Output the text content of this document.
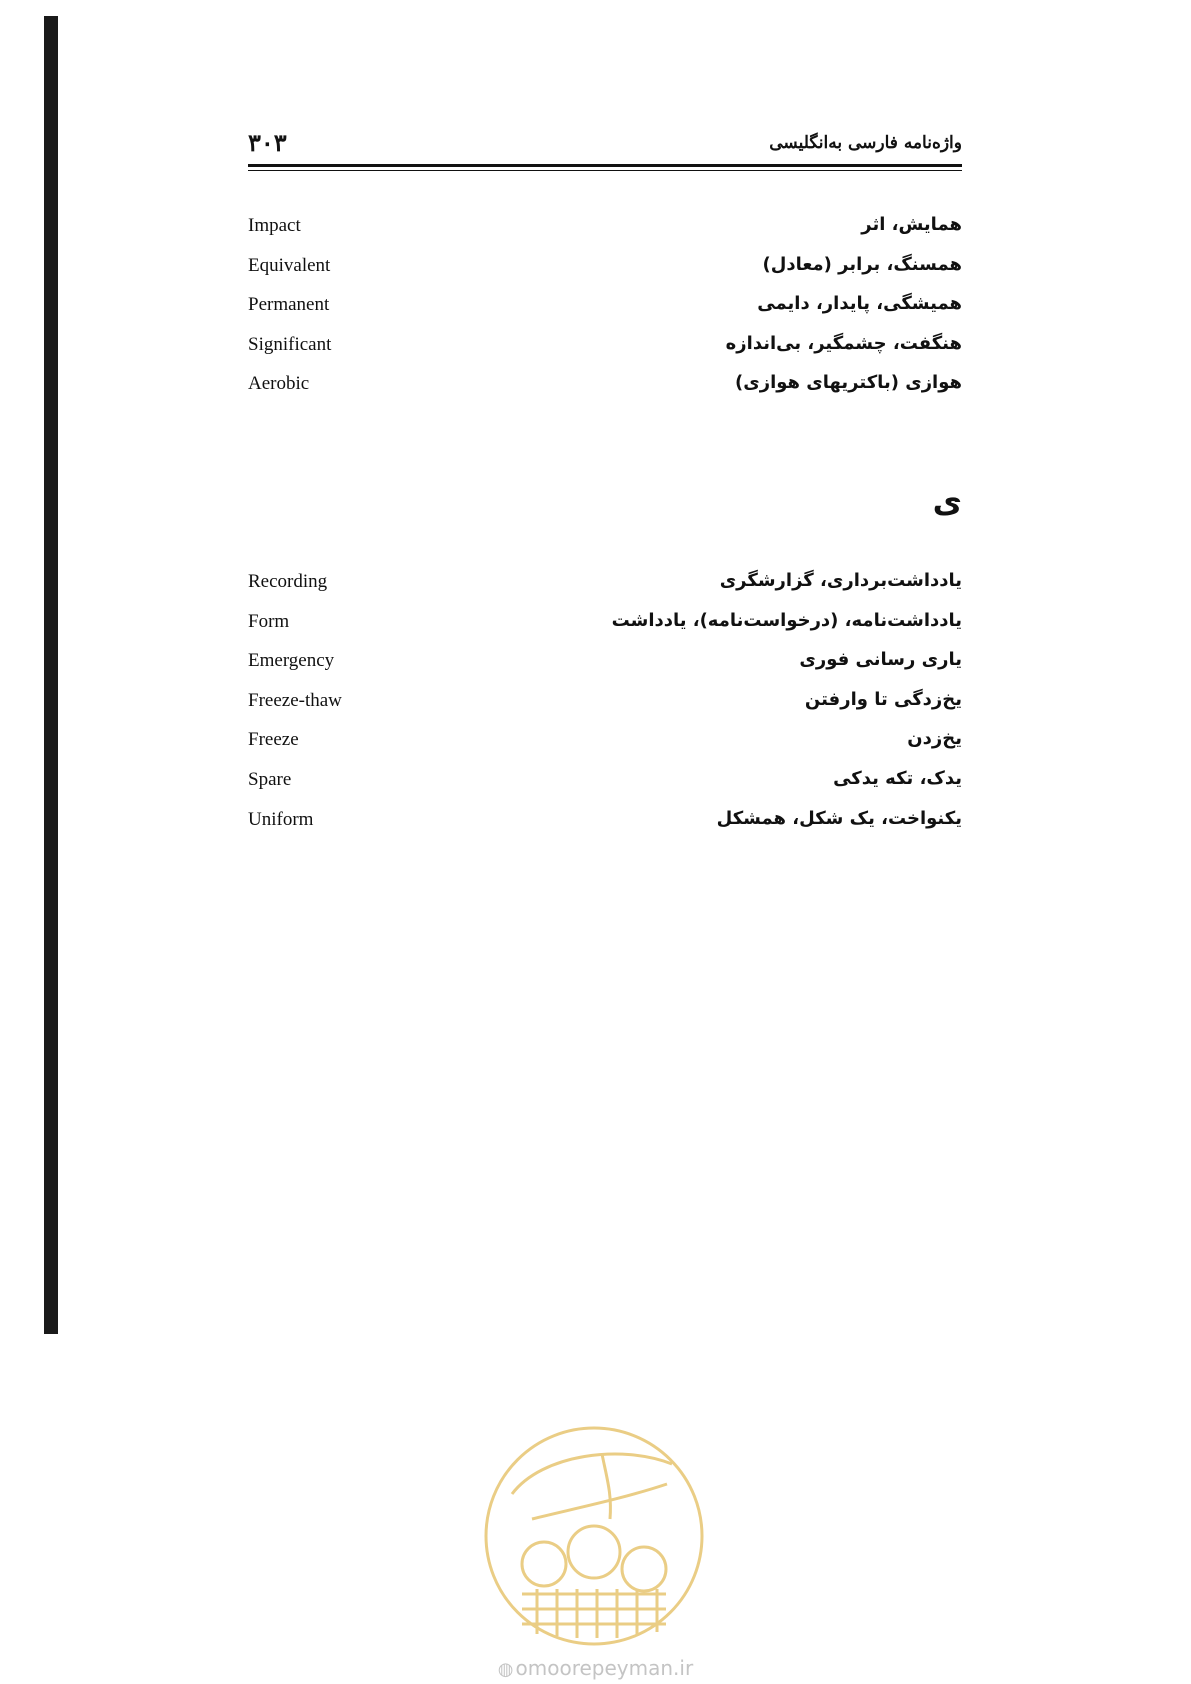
۳۰۳	واژه‌نامه فارسی به‌انگلیسی
Impact	همایش، اثر
Equivalent	همسنگ، برابر (معادل)
Permanent	همیشگی، پایدار، دایمی
Significant	هنگفت، چشمگیر، بی‌اندازه
Aerobic	هوازی (باکتریهای هوازی)
ی
Recording	یادداشت‌برداری، گزارشگری
Form	یادداشت‌نامه، (درخواست‌نامه)، یادداشت
Emergency	یاری رسانی فوری
Freeze-thaw	یخ‌زدگی تا وارفتن
Freeze	یخ‌زدن
Spare	یدک، تکه یدکی
Uniform	یکنواخت، یک شکل، همشکل
◍ omoorepeyman.ir
